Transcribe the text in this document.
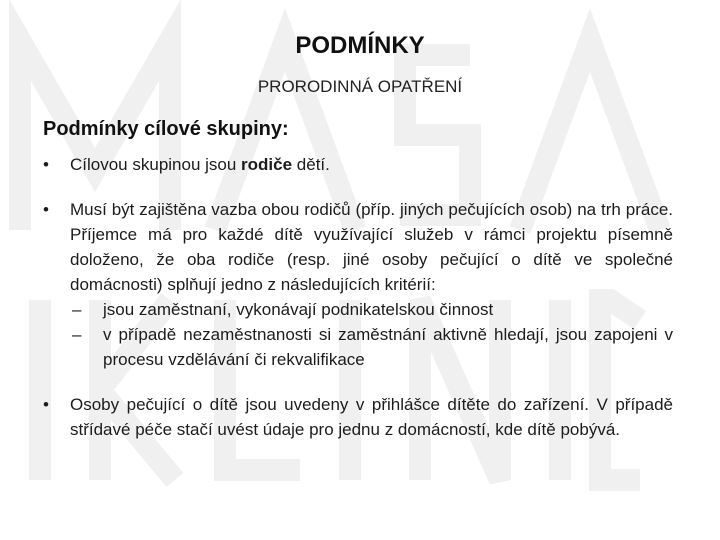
PODMÍNKY
PRORODINNÁ OPATŘENÍ
Podmínky cílové skupiny:
•	Cílovou skupinou jsou rodiče dětí.
•	Musí být zajištěna vazba obou rodičů (příp. jiných pečujících osob) na trh práce. Příjemce má pro každé dítě využívající služeb v rámci projektu písemně doloženo, že oba rodiče (resp. jiné osoby pečující o dítě ve společné domácnosti) splňují jedno z následujících kritérií:
– jsou zaměstnaní, vykonávají podnikatelskou činnost
– v případě nezaměstnanosti si zaměstnání aktivně hledají, jsou zapojeni v procesu vzdělávání či rekvalifikace
•	Osoby pečující o dítě jsou uvedeny v přihlášce dítěte do zařízení. V případě střídavé péče stačí uvést údaje pro jednu z domácností, kde dítě pobývá.
